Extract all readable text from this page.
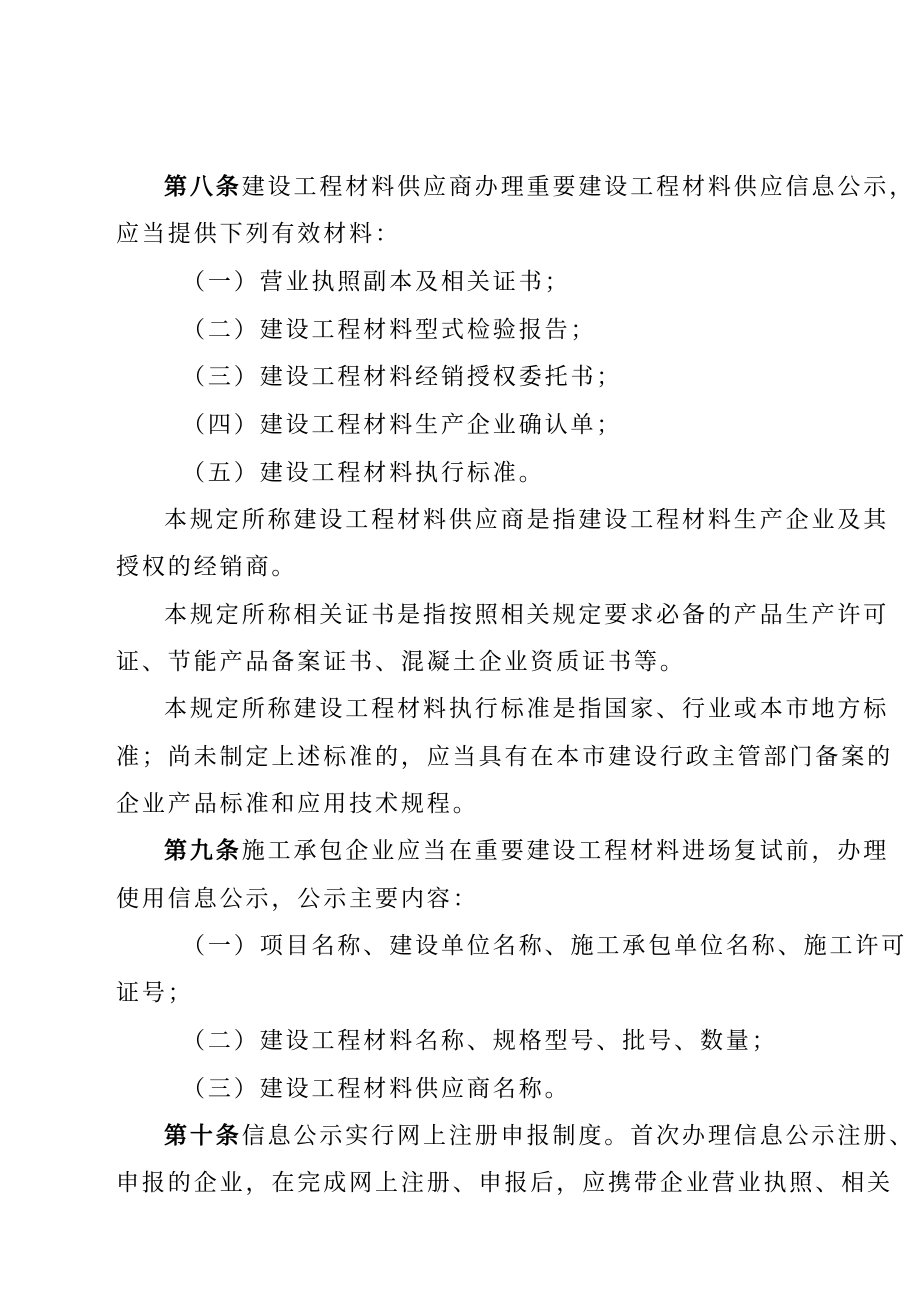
第八条建设工程材料供应商办理重要建设工程材料供应信息公示，
应当提供下列有效材料：
（一）营业执照副本及相关证书；
（二）建设工程材料型式检验报告；
（三）建设工程材料经销授权委托书；
（四）建设工程材料生产企业确认单；
（五）建设工程材料执行标准。
本规定所称建设工程材料供应商是指建设工程材料生产企业及其
授权的经销商。
本规定所称相关证书是指按照相关规定要求必备的产品生产许可
证、节能产品备案证书、混凝土企业资质证书等。
本规定所称建设工程材料执行标准是指国家、行业或本市地方标
准；尚未制定上述标准的，应当具有在本市建设行政主管部门备案的
企业产品标准和应用技术规程。
第九条施工承包企业应当在重要建设工程材料进场复试前，办理
使用信息公示，公示主要内容：
（一）项目名称、建设单位名称、施工承包单位名称、施工许可
证号；
（二）建设工程材料名称、规格型号、批号、数量；
（三）建设工程材料供应商名称。
第十条信息公示实行网上注册申报制度。首次办理信息公示注册、
申报的企业，在完成网上注册、申报后，应携带企业营业执照、相关
